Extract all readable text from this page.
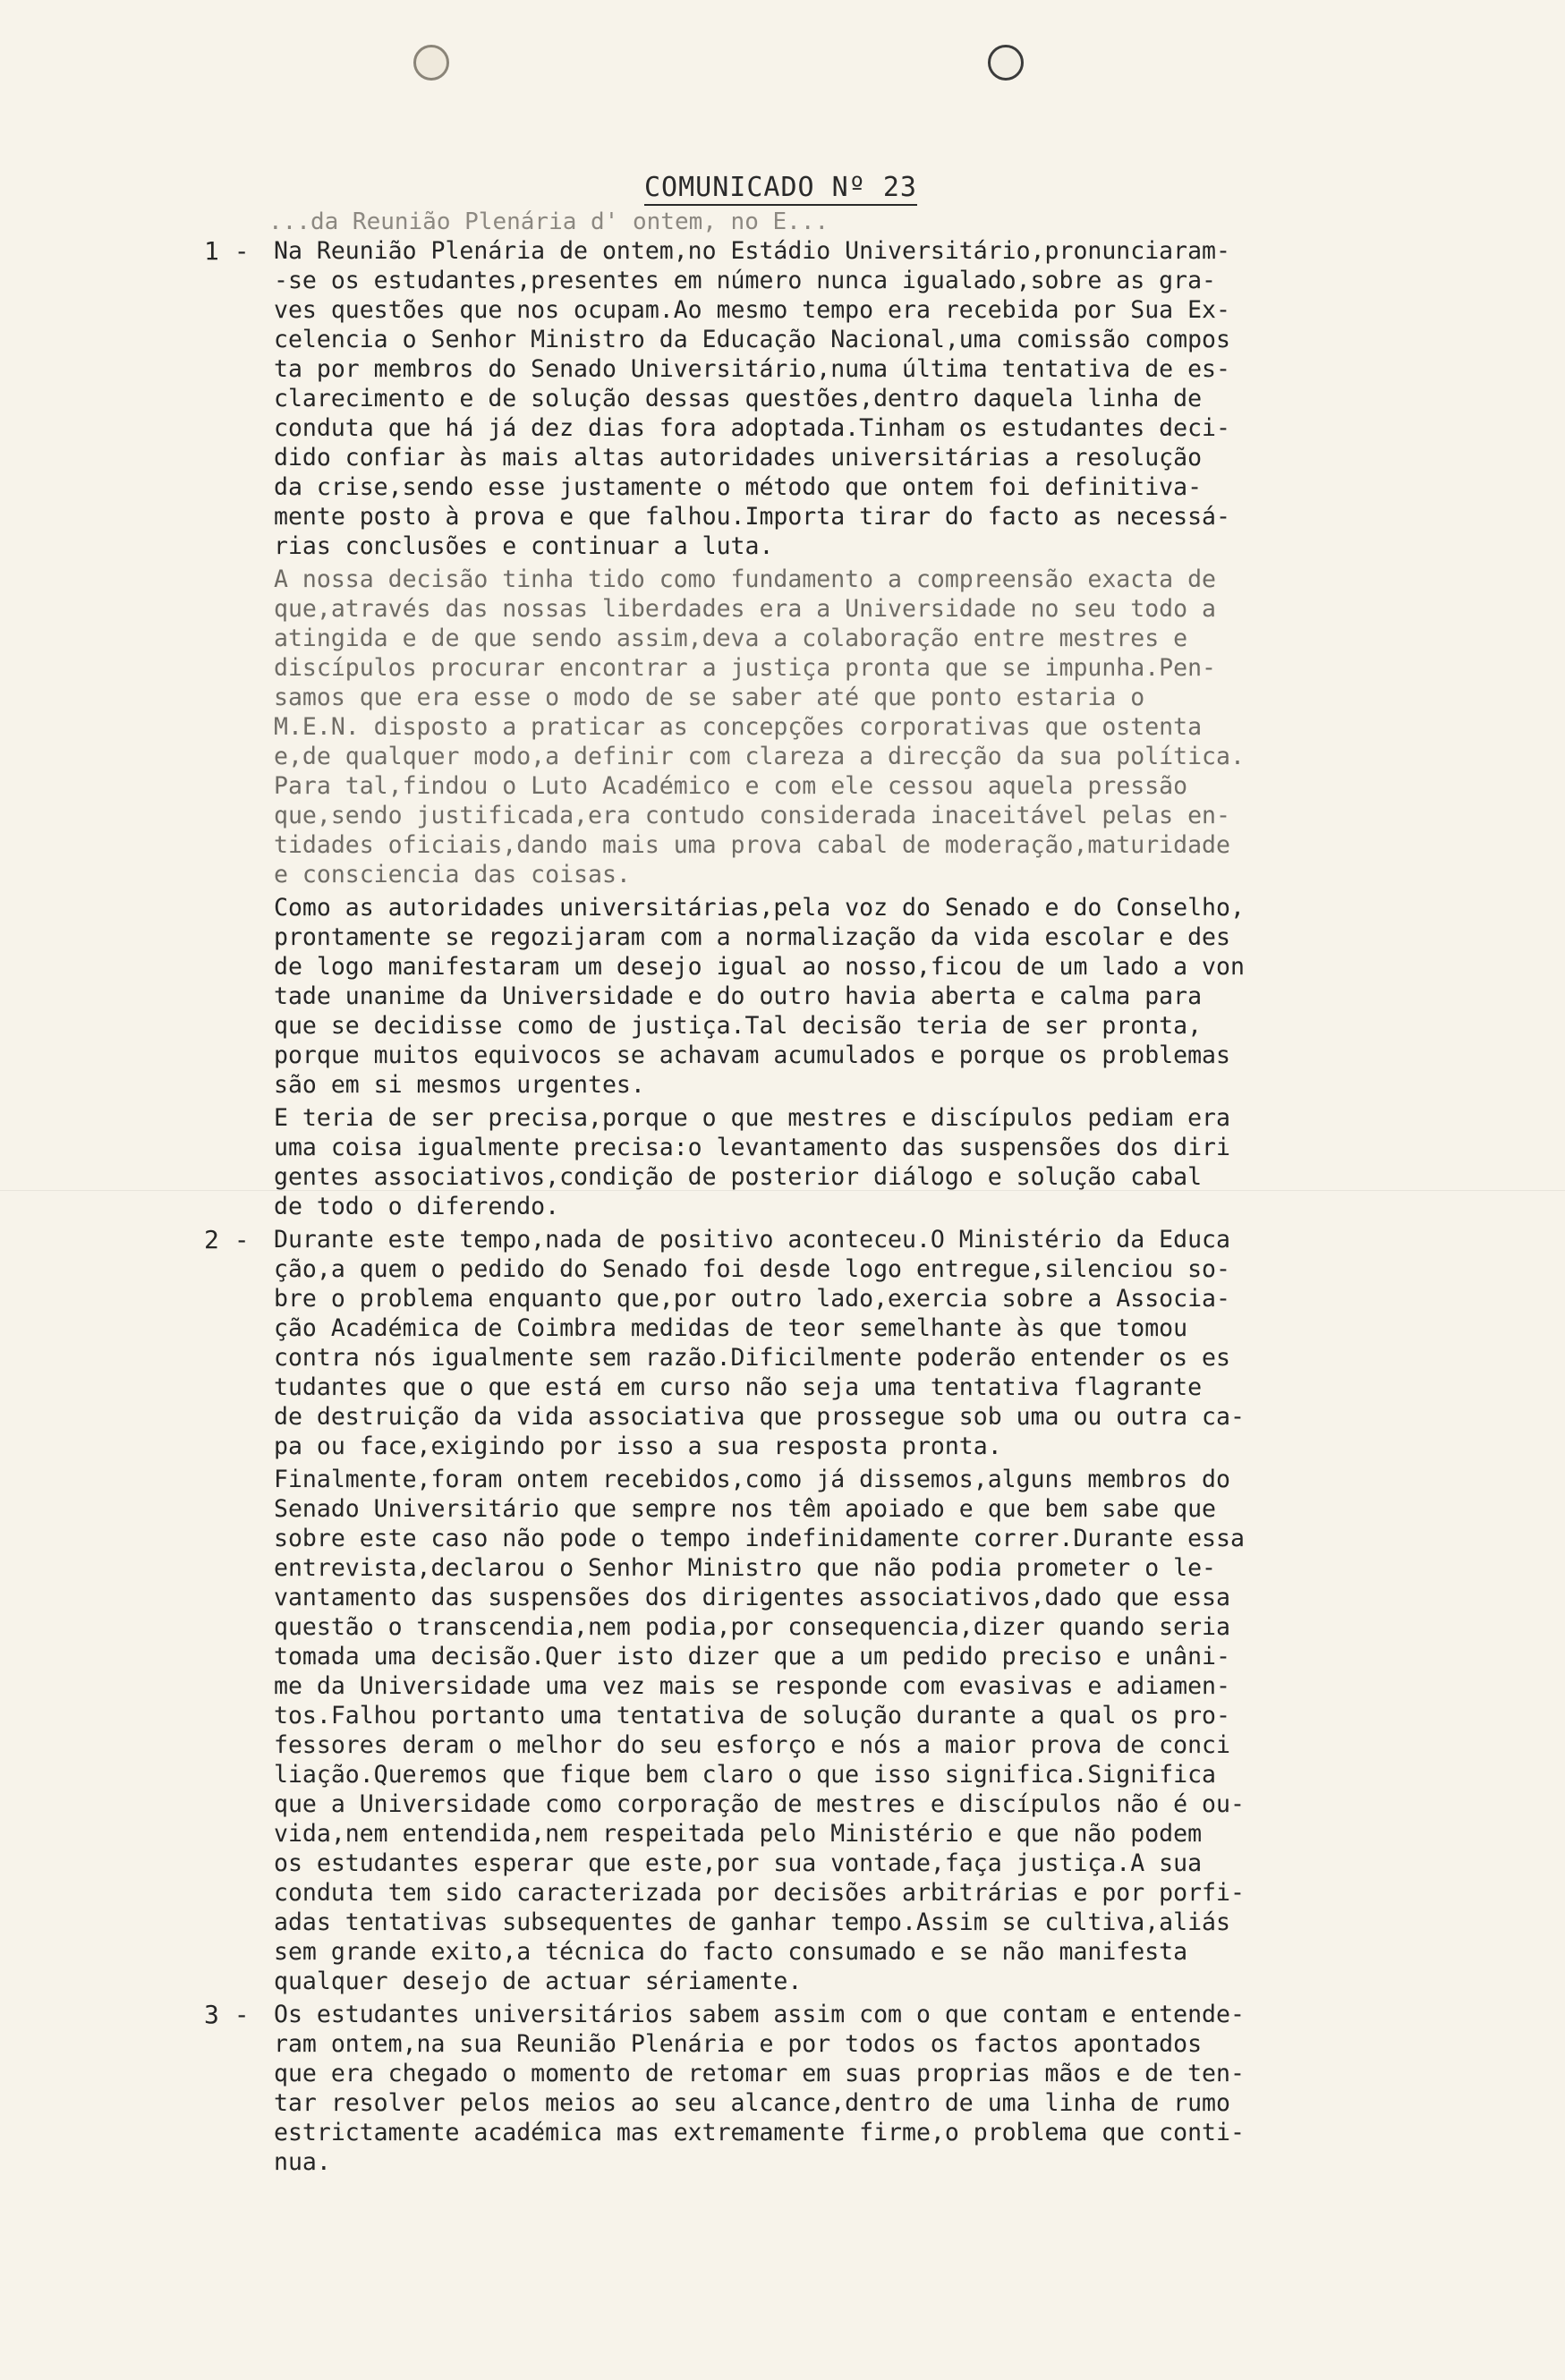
COMUNICADO Nº 23
...da Reunião Plenária d' ontem, no E...
1 - Na Reunião Plenária de ontem,no Estádio Universitário,pronunciaram-
-se os estudantes,presentes em número nunca igualado,sobre as gra-
ves questões que nos ocupam.Ao mesmo tempo era recebida por Sua Ex-
celencia o Senhor Ministro da Educação Nacional,uma comissão compos
ta por membros do Senado Universitário,numa última tentativa de es-
clarecimento e de solução dessas questões,dentro daquela linha de
conduta que há já dez dias fora adoptada.Tinham os estudantes deci-
dido confiar às mais altas autoridades universitárias a resolução
da crise,sendo esse justamente o método que ontem foi definitiva-
mente posto à prova e que falhou.Importa tirar do facto as necessá-
rias conclusões e continuar a luta.
A nossa decisão tinha tido como fundamento a compreensão exacta de
que,através das nossas liberdades era a Universidade no seu todo a
atingida e de que sendo assim,deva a colaboração entre mestres e
discípulos procurar encontrar a justiça pronta que se impunha.Pen-
samos que era esse o modo de se saber até que ponto estaria o
M.E.N. disposto a praticar as concepções corporativas que ostenta
e,de qualquer modo,a definir com clareza a direcção da sua política.
Para tal,findou o Luto Académico e com ele cessou aquela pressão
que,sendo justificada,era contudo considerada inaceitável pelas en-
tidades oficiais,dando mais uma prova cabal de moderação,maturidade
e consciencia das coisas.
Como as autoridades universitárias,pela voz do Senado e do Conselho,
prontamente se regozijaram com a normalização da vida escolar e des
de logo manifestaram um desejo igual ao nosso,ficou de um lado a von
tade unanime da Universidade e do outro havia aberta e calma para
que se decidisse como de justiça.Tal decisão teria de ser pronta,
porque muitos equivocos se achavam acumulados e porque os problemas
são em si mesmos urgentes.
E teria de ser precisa,porque o que mestres e discípulos pediam era
uma coisa igualmente precisa:o levantamento das suspensões dos diri
gentes associativos,condição de posterior diálogo e solução cabal
de todo o diferendo.
2 - Durante este tempo,nada de positivo aconteceu.O Ministério da Educa
ção,a quem o pedido do Senado foi desde logo entregue,silenciou so-
bre o problema enquanto que,por outro lado,exercia sobre a Associa-
ção Académica de Coimbra medidas de teor semelhante às que tomou
contra nós igualmente sem razão.Dificilmente poderão entender os es
tudantes que o que está em curso não seja uma tentativa flagrante
de destruição da vida associativa que prossegue sob uma ou outra ca-
pa ou face,exigindo por isso a sua resposta pronta.
Finalmente,foram ontem recebidos,como já dissemos,alguns membros do
Senado Universitário que sempre nos têm apoiado e que bem sabe que
sobre este caso não pode o tempo indefinidamente correr.Durante essa
entrevista,declarou o Senhor Ministro que não podia prometer o le-
vantamento das suspensões dos dirigentes associativos,dado que essa
questão o transcendia,nem podia,por consequencia,dizer quando seria
tomada uma decisão.Quer isto dizer que a um pedido preciso e unâni-
me da Universidade uma vez mais se responde com evasivas e adiamen-
tos.Falhou portanto uma tentativa de solução durante a qual os pro-
fessores deram o melhor do seu esforço e nós a maior prova de conci
liação.Queremos que fique bem claro o que isso significa.Significa
que a Universidade como corporação de mestres e discípulos não é ou-
vida,nem entendida,nem respeitada pelo Ministério e que não podem
os estudantes esperar que este,por sua vontade,faça justiça.A sua
conduta tem sido caracterizada por decisões arbitrárias e por porfi-
adas tentativas subsequentes de ganhar tempo.Assim se cultiva,aliás
sem grande exito,a técnica do facto consumado e se não manifesta
qualquer desejo de actuar sériamente.
3 - Os estudantes universitários sabem assim com o que contam e entende-
ram ontem,na sua Reunião Plenária e por todos os factos apontados
que era chegado o momento de retomar em suas proprias mãos e de ten-
tar resolver pelos meios ao seu alcance,dentro de uma linha de rumo
estrictamente académica mas extremamente firme,o problema que conti-
nua.
